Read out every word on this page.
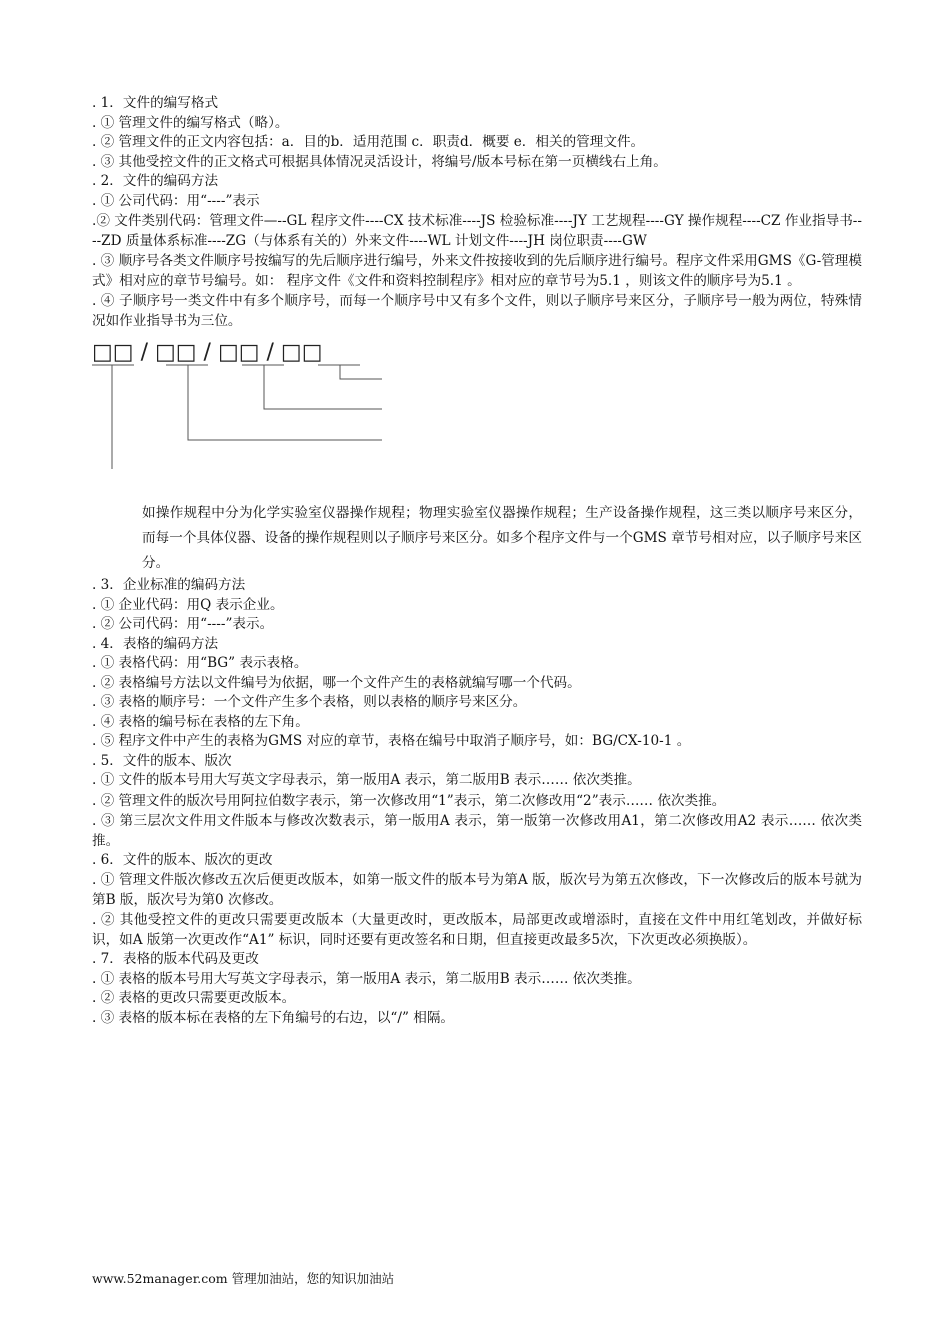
. 1．文件的编写格式

. ① 管理文件的编写格式（略）。

. ② 管理文件的正文内容包括：a．目的b．适用范围 c．职责d．概要 e．相关的管理文件。

. ③ 其他受控文件的正文格式可根据具体情况灵活设计，将编号/版本号标在第一页横线右上角。

. 2．文件的编码方法

. ① 公司代码：用“----”表示

.② 文件类别代码：管理文件—--GL 程序文件----CX 技术标准----JS 检验标准----JY 工艺规程----GY 操作规程----CZ 作业指导书----ZD 质量体系标准----ZG（与体系有关的）外来文件----WL 计划文件----JH 岗位职责----GW

. ③ 顺序号各类文件顺序号按编写的先后顺序进行编号，外来文件按接收到的先后顺序进行编号。程序文件采用GMS《G-管理模式》相对应的章节号编号。如： 程序文件《文件和资料控制程序》相对应的章节号为5.1 ，则该文件的顺序号为5.1 。

. ④ 子顺序号一类文件中有多个顺序号，而每一个顺序号中又有多个文件，则以子顺序号来区分，子顺序号一般为两位，特殊情况如作业指导书为三位。

□□ / □□ / □□ / □□

如操作规程中分为化学实验室仪器操作规程；物理实验室仪器操作规程；生产设备操作规程，这三类以顺序号来区分，而每一个具体仪器、设备的操作规程则以子顺序号来区分。如多个程序文件与一个GMS 章节号相对应，以子顺序号来区分。

. 3．企业标准的编码方法

. ① 企业代码：用Q 表示企业。

. ② 公司代码：用“----”表示。

. 4．表格的编码方法

. ① 表格代码：用“BG” 表示表格。

. ② 表格编号方法以文件编号为依据，哪一个文件产生的表格就编写哪一个代码。

. ③ 表格的顺序号：一个文件产生多个表格，则以表格的顺序号来区分。

. ④ 表格的编号标在表格的左下角。

. ⑤ 程序文件中产生的表格为GMS 对应的章节，表格在编号中取消子顺序号，如：BG/CX-10-1 。

. 5．文件的版本、版次

. ① 文件的版本号用大写英文字母表示，第一版用A 表示，第二版用B 表示…… 依次类推。

. ② 管理文件的版次号用阿拉伯数字表示，第一次修改用“1”表示，第二次修改用“2”表示…… 依次类推。

. ③ 第三层次文件用文件版本与修改次数表示，第一版用A 表示，第一版第一次修改用A1，第二次修改用A2 表示…… 依次类推。

. 6．文件的版本、版次的更改

. ① 管理文件版次修改五次后便更改版本，如第一版文件的版本号为第A 版，版次号为第五次修改，下一次修改后的版本号就为第B 版，版次号为第0 次修改。

. ② 其他受控文件的更改只需要更改版本（大量更改时，更改版本，局部更改或增添时，直接在文件中用红笔划改，并做好标识，如A 版第一次更改作“A1” 标识，同时还要有更改签名和日期，但直接更改最多5次，下次更改必须换版）。

. 7．表格的版本代码及更改

. ① 表格的版本号用大写英文字母表示，第一版用A 表示，第二版用B 表示…… 依次类推。

. ② 表格的更改只需要更改版本。

. ③ 表格的版本标在表格的左下角编号的右边，以“/” 相隔。

www.52manager.com 管理加油站，您的知识加油站
